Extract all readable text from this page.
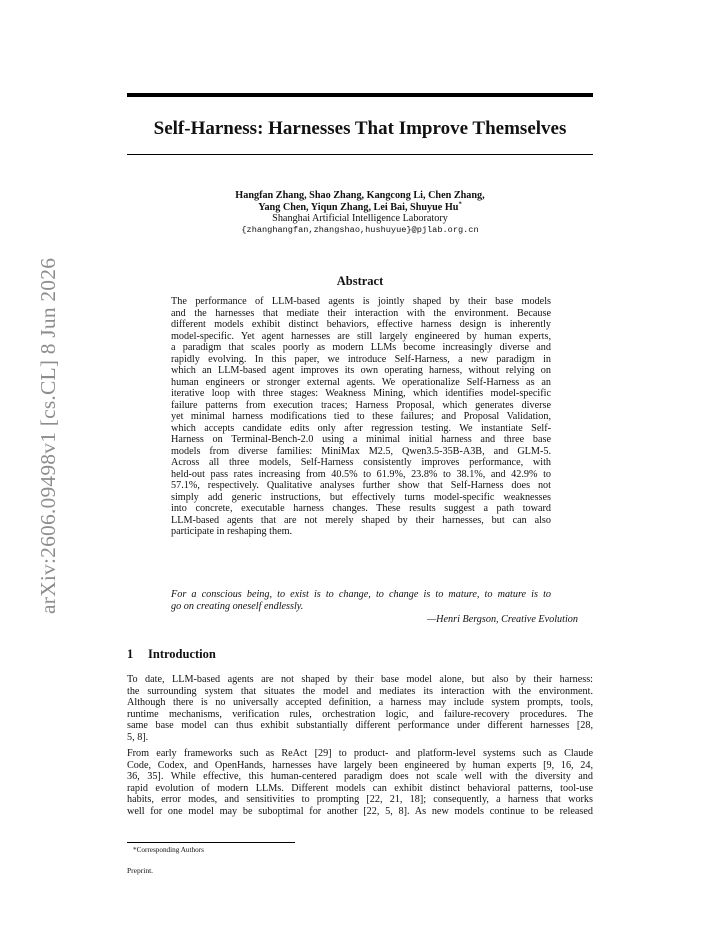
arXiv:2606.09498v1 [cs.CL] 8 Jun 2026
Self-Harness: Harnesses That Improve Themselves
Hangfan Zhang, Shao Zhang, Kangcong Li, Chen Zhang,
Yang Chen, Yiqun Zhang, Lei Bai, Shuyue Hu*
Shanghai Artificial Intelligence Laboratory
{zhanghangfan,zhangshao,hushuyue}@pjlab.org.cn
Abstract
The performance of LLM-based agents is jointly shaped by their base models
and the harnesses that mediate their interaction with the environment. Because
different models exhibit distinct behaviors, effective harness design is inherently
model-specific. Yet agent harnesses are still largely engineered by human experts,
a paradigm that scales poorly as modern LLMs become increasingly diverse and
rapidly evolving. In this paper, we introduce Self-Harness, a new paradigm in
which an LLM-based agent improves its own operating harness, without relying on
human engineers or stronger external agents. We operationalize Self-Harness as an
iterative loop with three stages: Weakness Mining, which identifies model-specific
failure patterns from execution traces; Harness Proposal, which generates diverse
yet minimal harness modifications tied to these failures; and Proposal Validation,
which accepts candidate edits only after regression testing. We instantiate Self-
Harness on Terminal-Bench-2.0 using a minimal initial harness and three base
models from diverse families: MiniMax M2.5, Qwen3.5-35B-A3B, and GLM-5.
Across all three models, Self-Harness consistently improves performance, with
held-out pass rates increasing from 40.5% to 61.9%, 23.8% to 38.1%, and 42.9% to
57.1%, respectively. Qualitative analyses further show that Self-Harness does not
simply add generic instructions, but effectively turns model-specific weaknesses
into concrete, executable harness changes. These results suggest a path toward
LLM-based agents that are not merely shaped by their harnesses, but can also
participate in reshaping them.
For a conscious being, to exist is to change, to change is to mature, to mature is to
go on creating oneself endlessly.
—Henri Bergson, Creative Evolution
1 Introduction
To date, LLM-based agents are not shaped by their base model alone, but also by their harness:
the surrounding system that situates the model and mediates its interaction with the environment.
Although there is no universally accepted definition, a harness may include system prompts, tools,
runtime mechanisms, verification rules, orchestration logic, and failure-recovery procedures. The
same base model can thus exhibit substantially different performance under different harnesses [28,
5, 8].
From early frameworks such as ReAct [29] to product- and platform-level systems such as Claude
Code, Codex, and OpenHands, harnesses have largely been engineered by human experts [9, 16, 24,
36, 35]. While effective, this human-centered paradigm does not scale well with the diversity and
rapid evolution of modern LLMs. Different models can exhibit distinct behavioral patterns, tool-use
habits, error modes, and sensitivities to prompting [22, 21, 18]; consequently, a harness that works
well for one model may be suboptimal for another [22, 5, 8]. As new models continue to be released
*Corresponding Authors
Preprint.
